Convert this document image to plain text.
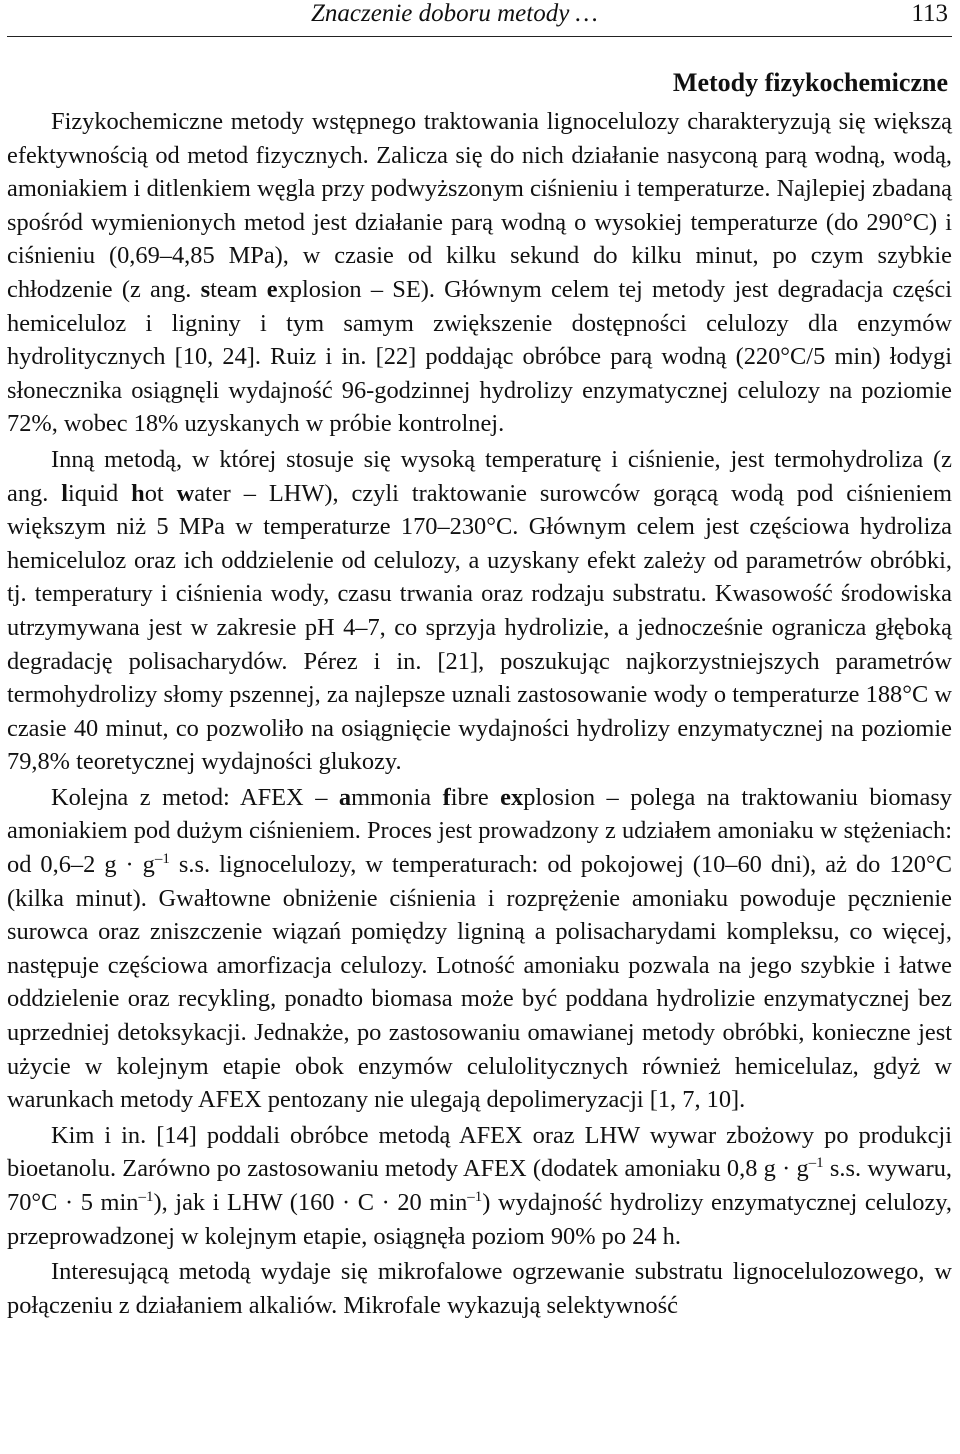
Znaczenie doboru metody …	113
Metody fizykochemiczne

Fizykochemiczne metody wstępnego traktowania lignocelulozy charakteryzują się większą efektywnością od metod fizycznych. Zalicza się do nich działanie nasyconą parą wodną, wodą, amoniakiem i ditlenkiem węgla przy podwyższonym ciśnieniu i temperaturze. Najlepiej zbadaną spośród wymienionych metod jest działanie parą wodną o wysokiej temperaturze (do 290°C) i ciśnieniu (0,69–4,85 MPa), w czasie od kilku sekund do kilku minut, po czym szybkie chłodzenie (z ang. steam explosion – SE). Głównym celem tej metody jest degradacja części hemiceluloz i ligniny i tym samym zwiększenie dostępności celulozy dla enzymów hydrolitycznych [10, 24]. Ruiz i in. [22] poddając obróbce parą wodną (220°C/5 min) łodygi słonecznika osiągnęli wydajność 96-godzinnej hydrolizy enzymatycznej celulozy na poziomie 72%, wobec 18% uzyskanych w próbie kontrolnej.

Inną metodą, w której stosuje się wysoką temperaturę i ciśnienie, jest termohydroliza (z ang. liquid hot water – LHW), czyli traktowanie surowców gorącą wodą pod ciśnieniem większym niż 5 MPa w temperaturze 170–230°C. Głównym celem jest częściowa hydroliza hemiceluloz oraz ich oddzielenie od celulozy, a uzyskany efekt zależy od parametrów obróbki, tj. temperatury i ciśnienia wody, czasu trwania oraz rodzaju substratu. Kwasowość środowiska utrzymywana jest w zakresie pH 4–7, co sprzyja hydrolizie, a jednocześnie ogranicza głęboką degradację polisacharydów. Pérez i in. [21], poszukując najkorzystniejszych parametrów termohydrolizy słomy pszennej, za najlepsze uznali zastosowanie wody o temperaturze 188°C w czasie 40 minut, co pozwoliło na osiągnięcie wydajności hydrolizy enzymatycznej na poziomie 79,8% teoretycznej wydajności glukozy.

Kolejna z metod: AFEX – ammonia fibre explosion – polega na traktowaniu biomasy amoniakiem pod dużym ciśnieniem. Proces jest prowadzony z udziałem amoniaku w stężeniach: od 0,6–2 $g \cdot g^{-1}$ s.s. lignocelulozy, w temperaturach: od pokojowej (10–60 dni), aż do 120°C (kilka minut). Gwałtowne obniżenie ciśnienia i rozprężenie amoniaku powoduje pęcznienie surowca oraz zniszczenie wiązań pomiędzy ligniną a polisacharydami kompleksu, co więcej, następuje częściowa amorfizacja celulozy. Lotność amoniaku pozwala na jego szybkie i łatwe oddzielenie oraz recykling, ponadto biomasa może być poddana hydrolizie enzymatycznej bez uprzedniej detoksykacji. Jednakże, po zastosowaniu omawianej metody obróbki, konieczne jest użycie w kolejnym etapie obok enzymów celulolitycznych również hemicelulaz, gdyż w warunkach metody AFEX pentozany nie ulegają depolimeryzacji [1, 7, 10].

Kim i in. [14] poddali obróbce metodą AFEX oraz LHW wywar zbożowy po produkcji bioetanolu. Zarówno po zastosowaniu metody AFEX (dodatek amoniaku 0,8 $g \cdot g^{-1}$ s.s. wywaru, 70°C · 5 $\min^{-1}$), jak i LHW (160 · C · 20 $\min^{-1}$) wydajność hydrolizy enzymatycznej celulozy, przeprowadzonej w kolejnym etapie, osiągnęła poziom 90% po 24 h.

Interesującą metodą wydaje się mikrofalowe ogrzewanie substratu lignocelulozowego, w połączeniu z działaniem alkaliów. Mikrofale wykazują selektywność
